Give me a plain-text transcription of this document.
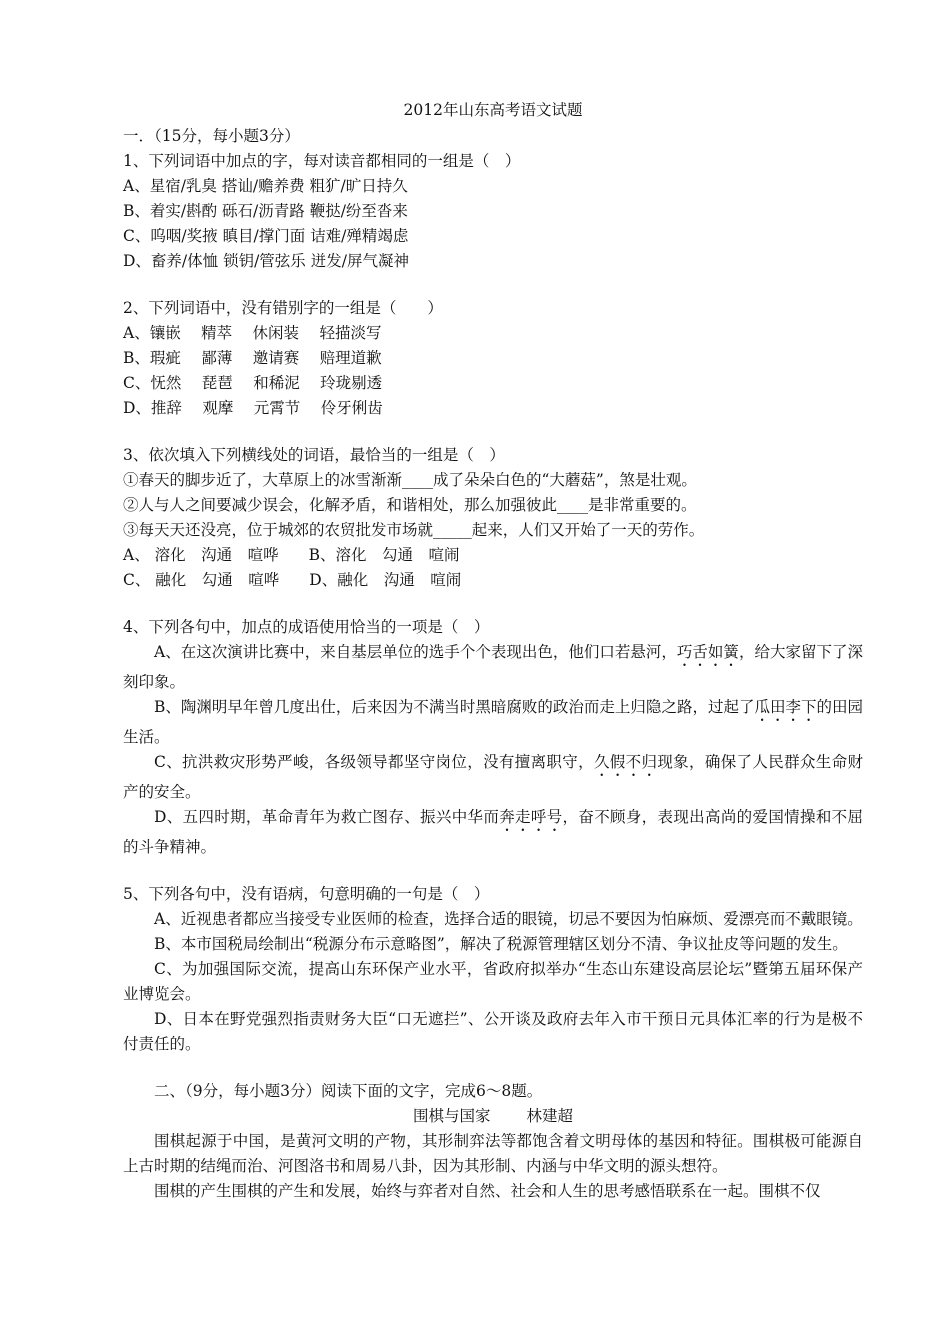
2012年山东高考语文试题
一．（15分，每小题3分）
1、下列词语中加点的字，每对读音都相同的一组是（　）
A、星宿/乳臭 搭讪/赡养费 粗犷/旷日持久
B、着实/斟酌 砾石/沥青路 鞭挞/纷至沓来
C、呜咽/奖掖 瞋目/撑门面 诘难/殚精竭虑
D、畜养/体恤 锁钥/管弦乐 迸发/屏气凝神
2、下列词语中，没有错别字的一组是（　　）
A、镶嵌　 精萃　 休闲装　 轻描淡写
B、瑕疵　 鄙薄　 邀请赛　 赔理道歉
C、怃然　 琵琶　 和稀泥　 玲珑剔透
D、推辞　 观摩　 元霄节　 伶牙俐齿
3、依次填入下列横线处的词语，最恰当的一组是（　）
①春天的脚步近了，大草原上的冰雪渐渐____成了朵朵白色的“大蘑菇”，煞是壮观。
②人与人之间要减少误会，化解矛盾，和谐相处，那么加强彼此____是非常重要的。
③每天天还没亮，位于城郊的农贸批发市场就_____起来，人们又开始了一天的劳作。
A、 溶化　沟通　喧哗 B、溶化　勾通　喧闹
C、 融化　勾通　喧哗 D、融化　沟通　喧闹
4、下列各句中，加点的成语使用恰当的一项是（　）
A、在这次演讲比赛中，来自基层单位的选手个个表现出色，他们口若悬河，巧舌如簧，给大家留下了深刻印象。
B、陶渊明早年曾几度出仕，后来因为不满当时黑暗腐败的政治而走上归隐之路，过起了瓜田李下的田园生活。
C、抗洪救灾形势严峻，各级领导都坚守岗位，没有擅离职守，久假不归现象，确保了人民群众生命财产的安全。
D、五四时期，革命青年为救亡图存、振兴中华而奔走呼号，奋不顾身，表现出高尚的爱国情操和不屈的斗争精神。
5、下列各句中，没有语病，句意明确的一句是（　）
A、近视患者都应当接受专业医师的检查，选择合适的眼镜，切忌不要因为怕麻烦、爱漂亮而不戴眼镜。
B、本市国税局绘制出“税源分布示意略图”，解决了税源管理辖区划分不清、争议扯皮等问题的发生。
C、为加强国际交流，提高山东环保产业水平，省政府拟举办“生态山东建设高层论坛”暨第五届环保产业博览会。
D、日本在野党强烈指责财务大臣“口无遮拦”、公开谈及政府去年入市干预日元具体汇率的行为是极不付责任的。
二、（9分，每小题3分）阅读下面的文字，完成6～8题。
围棋与国家 林建超
围棋起源于中国，是黄河文明的产物，其形制弈法等都饱含着文明母体的基因和特征。围棋极可能源自上古时期的结绳而治、河图洛书和周易八卦，因为其形制、内涵与中华文明的源头想符。
围棋的产生围棋的产生和发展，始终与弈者对自然、社会和人生的思考感悟联系在一起。围棋不仅
